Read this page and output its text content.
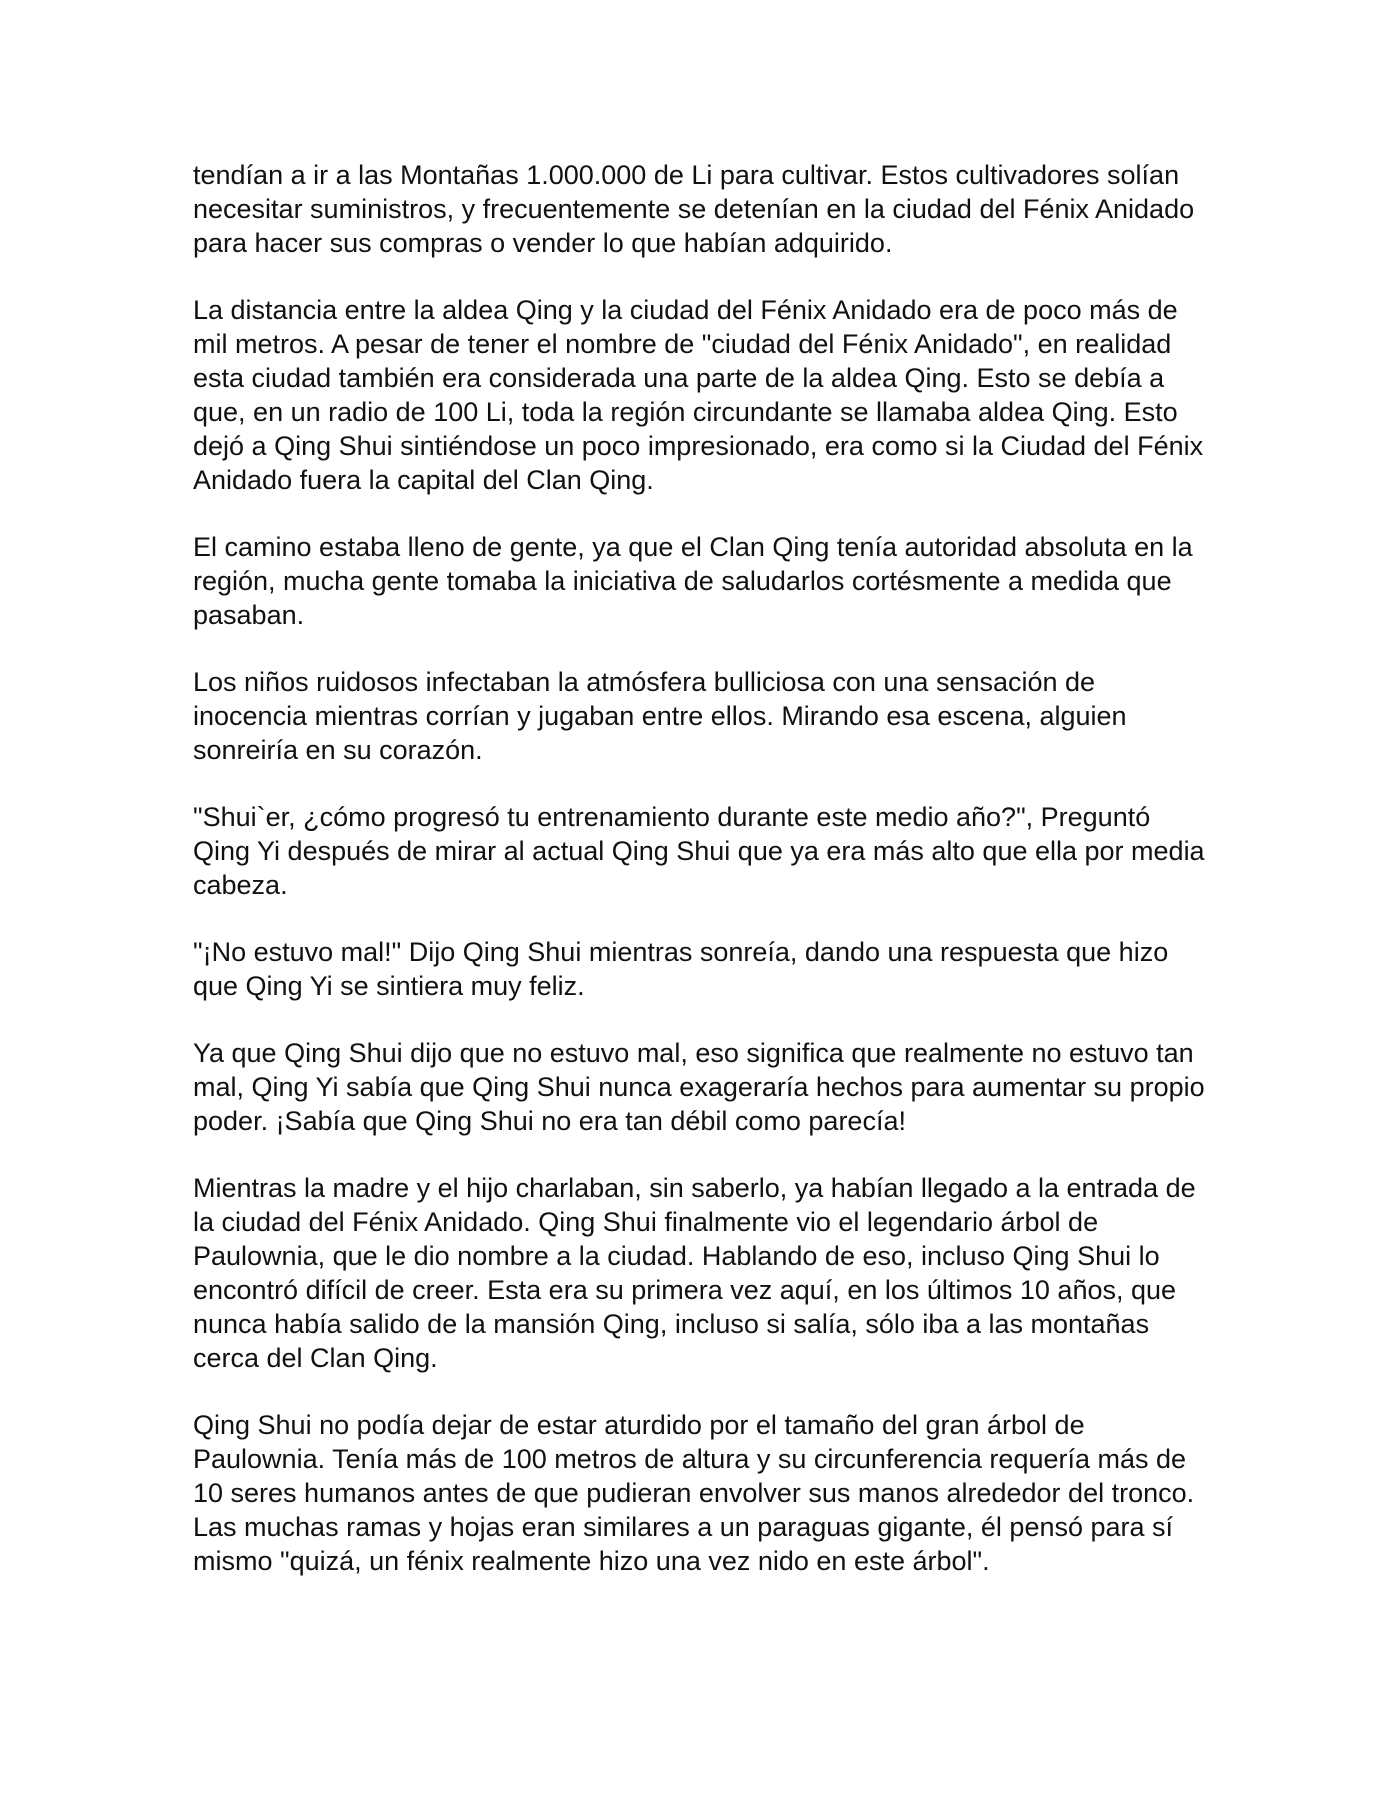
tendían a ir a las Montañas 1.000.000 de Li para cultivar. Estos cultivadores solían necesitar suministros, y frecuentemente se detenían en la ciudad del Fénix Anidado para hacer sus compras o vender lo que habían adquirido.

La distancia entre la aldea Qing y la ciudad del Fénix Anidado era de poco más de mil metros. A pesar de tener el nombre de "ciudad del Fénix Anidado", en realidad esta ciudad también era considerada una parte de la aldea Qing. Esto se debía a que, en un radio de 100 Li, toda la región circundante se llamaba aldea Qing. Esto dejó a Qing Shui sintiéndose un poco impresionado, era como si la Ciudad del Fénix Anidado fuera la capital del Clan Qing.

El camino estaba lleno de gente, ya que el Clan Qing tenía autoridad absoluta en la región, mucha gente tomaba la iniciativa de saludarlos cortésmente a medida que pasaban.

Los niños ruidosos infectaban la atmósfera bulliciosa con una sensación de inocencia mientras corrían y jugaban entre ellos. Mirando esa escena, alguien sonreiría en su corazón.

"Shui`er, ¿cómo progresó tu entrenamiento durante este medio año?", Preguntó Qing Yi después de mirar al actual Qing Shui que ya era más alto que ella por media cabeza.

"¡No estuvo mal!" Dijo Qing Shui mientras sonreía, dando una respuesta que hizo que Qing Yi se sintiera muy feliz.

Ya que Qing Shui dijo que no estuvo mal, eso significa que realmente no estuvo tan mal, Qing Yi sabía que Qing Shui nunca exageraría hechos para aumentar su propio poder. ¡Sabía que Qing Shui no era tan débil como parecía!

Mientras la madre y el hijo charlaban, sin saberlo, ya habían llegado a la entrada de la ciudad del Fénix Anidado. Qing Shui finalmente vio el legendario árbol de Paulownia, que le dio nombre a la ciudad. Hablando de eso, incluso Qing Shui lo encontró difícil de creer. Esta era su primera vez aquí, en los últimos 10 años, que nunca había salido de la mansión Qing, incluso si salía, sólo iba a las montañas cerca del Clan Qing.

Qing Shui no podía dejar de estar aturdido por el tamaño del gran árbol de Paulownia. Tenía más de 100 metros de altura y su circunferencia requería más de 10 seres humanos antes de que pudieran envolver sus manos alrededor del tronco. Las muchas ramas y hojas eran similares a un paraguas gigante, él pensó para sí mismo "quizá, un fénix realmente hizo una vez nido en este árbol".
